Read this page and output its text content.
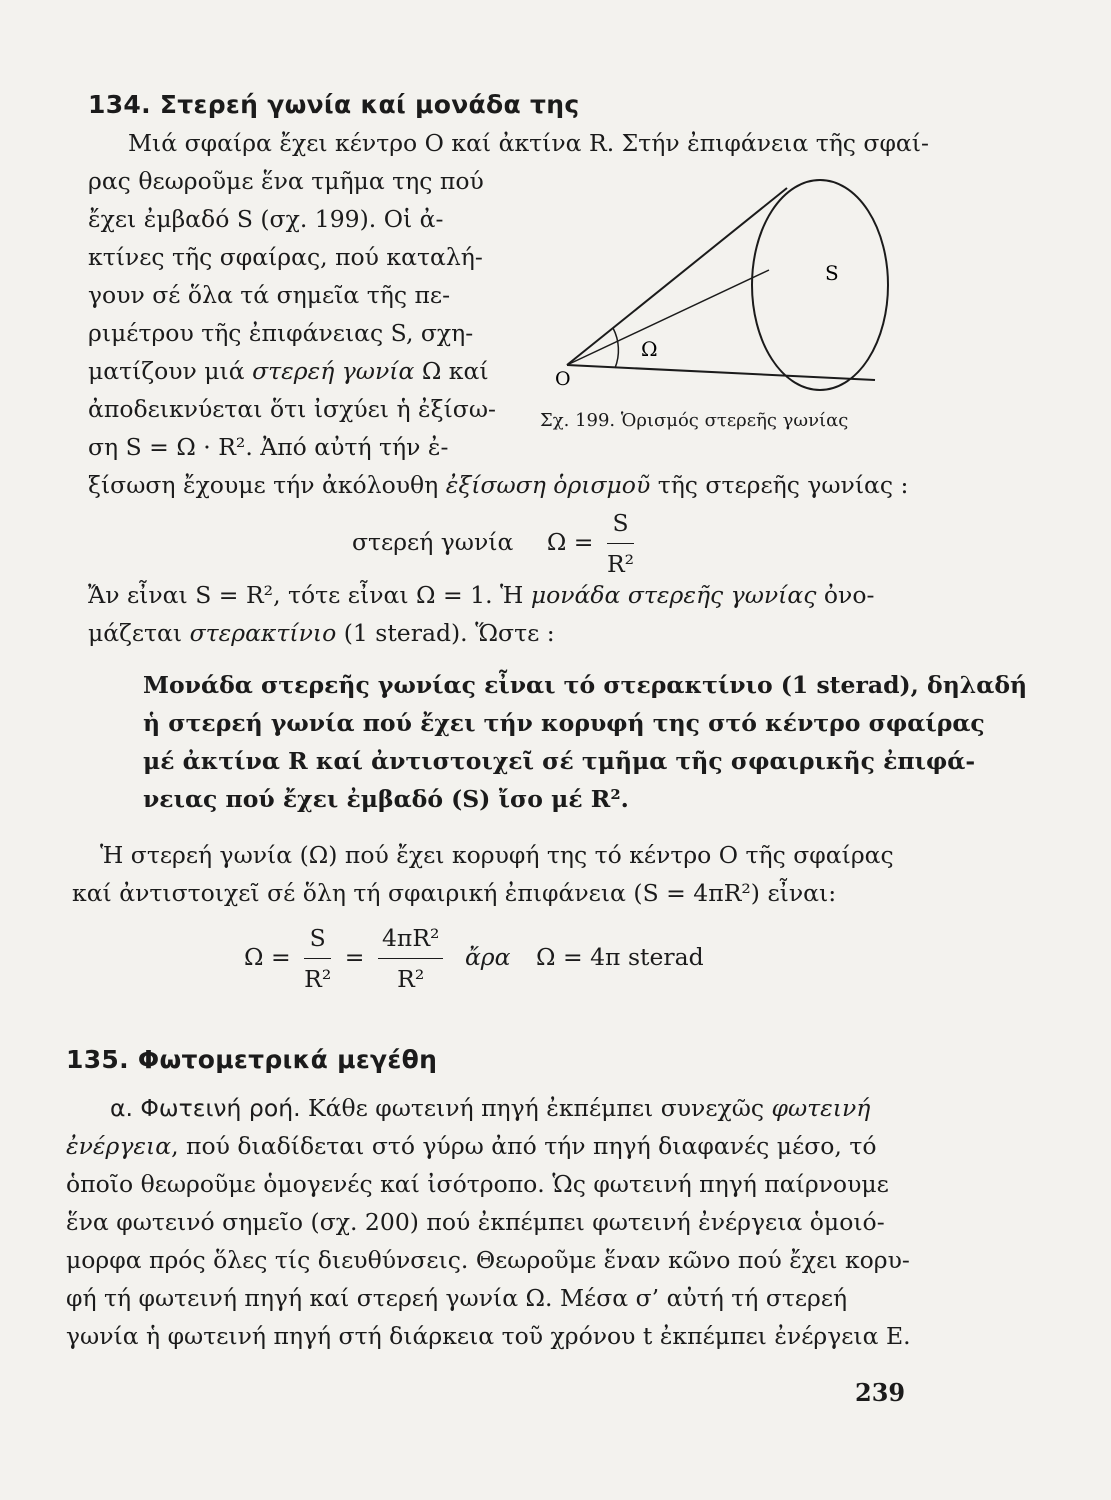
134. Στερεή γωνία καί μονάδα της
Μιά σφαίρα ἔχει κέντρο Ο καί ἀκτίνα R. Στήν ἐπιφάνεια τῆς σφαί-
ρας θεωροῦμε ἕνα τμῆμα της πού
ἔχει ἐμβαδό S (σχ. 199). Οἱ ἀ-
κτίνες τῆς σφαίρας, πού καταλή-
γουν σέ ὅλα τά σημεῖα τῆς πε-
ριμέτρου τῆς ἐπιφάνειας S, σχη-
ματίζουν μιά στερεή γωνία Ω καί
ἀποδεικνύεται ὅτι ἰσχύει ἡ ἐξίσω-
ση S = Ω · R². Ἀπό αὐτή τήν ἐ-
ξίσωση ἔχουμε τήν ἀκόλουθη ἐξίσωση ὁρισμοῦ τῆς στερεῆς γωνίας :
S
Ω
O
Σχ. 199. Ὁρισμός στερεῆς γωνίας
στερεή γωνία $\Omega = \frac{S}{\text{R²}}$
Ἄν εἶναι S = R², τότε εἶναι Ω = 1. Ἡ μονάδα στερεῆς γωνίας ὀνο-
μάζεται στερακτίνιο (1 sterad). Ὥστε :
Μονάδα στερεῆς γωνίας εἶναι τό στερακτίνιο (1 sterad), δηλαδή
ἡ στερεή γωνία πού ἔχει τήν κορυφή της στό κέντρο σφαίρας
μέ ἀκτίνα R καί ἀντιστοιχεῖ σέ τμῆμα τῆς σφαιρικῆς ἐπιφά-
νειας πού ἔχει ἐμβαδό (S) ἴσο μέ R².
Ἡ στερεή γωνία (Ω) πού ἔχει κορυφή της τό κέντρο Ο τῆς σφαίρας
καί ἀντιστοιχεῖ σέ ὅλη τή σφαιρική ἐπιφάνεια (S = 4πR²) εἶναι:
$\Omega = \frac{S}{\text{R²}} = \frac{\text{4πR²}}{\text{R²}}$ ἄρα Ω = 4π sterad
135. Φωτομετρικά μεγέθη
α. Φωτεινή ροή. Κάθε φωτεινή πηγή ἐκπέμπει συνεχῶς φωτεινή
ἐνέργεια, πού διαδίδεται στό γύρω ἀπό τήν πηγή διαφανές μέσο, τό
ὁποῖο θεωροῦμε ὁμογενές καί ἰσότροπο. Ὡς φωτεινή πηγή παίρνουμε
ἕνα φωτεινό σημεῖο (σχ. 200) πού ἐκπέμπει φωτεινή ἐνέργεια ὁμοιό-
μορφα πρός ὅλες τίς διευθύνσεις. Θεωροῦμε ἕναν κῶνο πού ἔχει κορυ-
φή τή φωτεινή πηγή καί στερεή γωνία Ω. Μέσα σ’ αὐτή τή στερεή
γωνία ἡ φωτεινή πηγή στή διάρκεια τοῦ χρόνου t ἐκπέμπει ἐνέργεια Ε.
239
